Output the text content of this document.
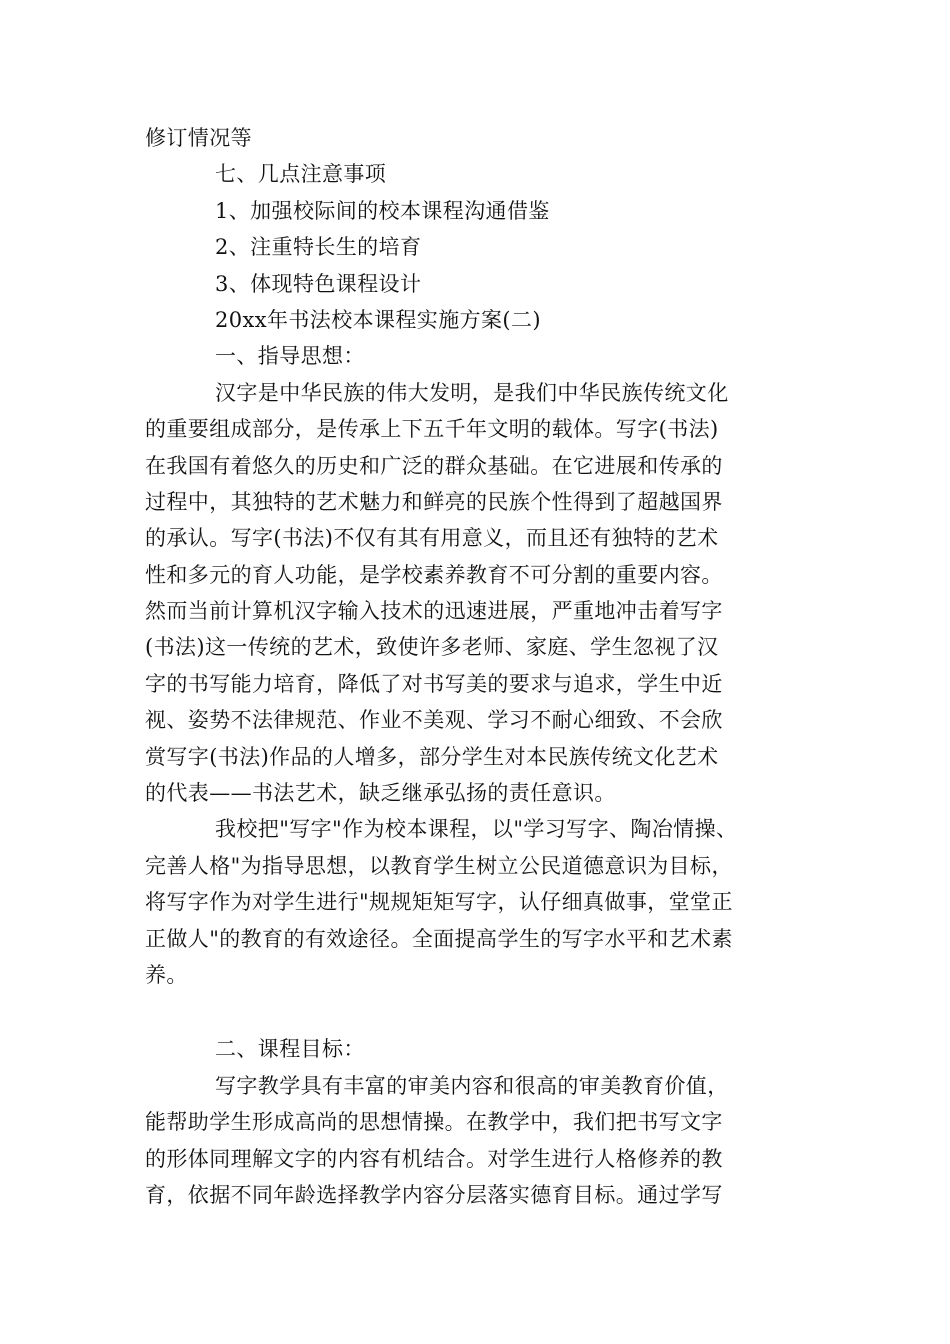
修订情况等
七、几点注意事项
1、加强校际间的校本课程沟通借鉴
2、注重特长生的培育
3、体现特色课程设计
20xx年书法校本课程实施方案(二)
一、指导思想：
汉字是中华民族的伟大发明，是我们中华民族传统文化
的重要组成部分，是传承上下五千年文明的载体。写字(书法)
在我国有着悠久的历史和广泛的群众基础。在它进展和传承的
过程中，其独特的艺术魅力和鲜亮的民族个性得到了超越国界
的承认。写字(书法)不仅有其有用意义，而且还有独特的艺术
性和多元的育人功能，是学校素养教育不可分割的重要内容。
然而当前计算机汉字输入技术的迅速进展，严重地冲击着写字
(书法)这一传统的艺术，致使许多老师、家庭、学生忽视了汉
字的书写能力培育，降低了对书写美的要求与追求，学生中近
视、姿势不法律规范、作业不美观、学习不耐心细致、不会欣
赏写字(书法)作品的人增多，部分学生对本民族传统文化艺术
的代表——书法艺术，缺乏继承弘扬的责任意识。
我校把"写字"作为校本课程，以"学习写字、陶冶情操、
完善人格"为指导思想，以教育学生树立公民道德意识为目标，
将写字作为对学生进行"规规矩矩写字，认仔细真做事，堂堂正
正做人"的教育的有效途径。全面提高学生的写字水平和艺术素
养。
二、课程目标：
写字教学具有丰富的审美内容和很高的审美教育价值，
能帮助学生形成高尚的思想情操。在教学中，我们把书写文字
的形体同理解文字的内容有机结合。对学生进行人格修养的教
育，依据不同年龄选择教学内容分层落实德育目标。通过学写
